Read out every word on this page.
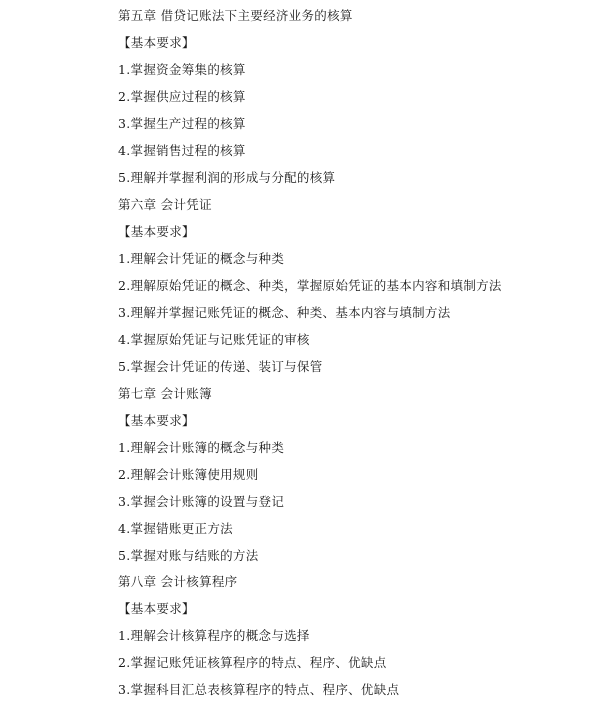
第五章 借贷记账法下主要经济业务的核算
【基本要求】
1.掌握资金筹集的核算
2.掌握供应过程的核算
3.掌握生产过程的核算
4.掌握销售过程的核算
5.理解并掌握利润的形成与分配的核算
第六章 会计凭证
【基本要求】
1.理解会计凭证的概念与种类
2.理解原始凭证的概念、种类，掌握原始凭证的基本内容和填制方法
3.理解并掌握记账凭证的概念、种类、基本内容与填制方法
4.掌握原始凭证与记账凭证的审核
5.掌握会计凭证的传递、装订与保管
第七章 会计账簿
【基本要求】
1.理解会计账簿的概念与种类
2.理解会计账簿使用规则
3.掌握会计账簿的设置与登记
4.掌握错账更正方法
5.掌握对账与结账的方法
第八章 会计核算程序
【基本要求】
1.理解会计核算程序的概念与选择
2.掌握记账凭证核算程序的特点、程序、优缺点
3.掌握科目汇总表核算程序的特点、程序、优缺点
